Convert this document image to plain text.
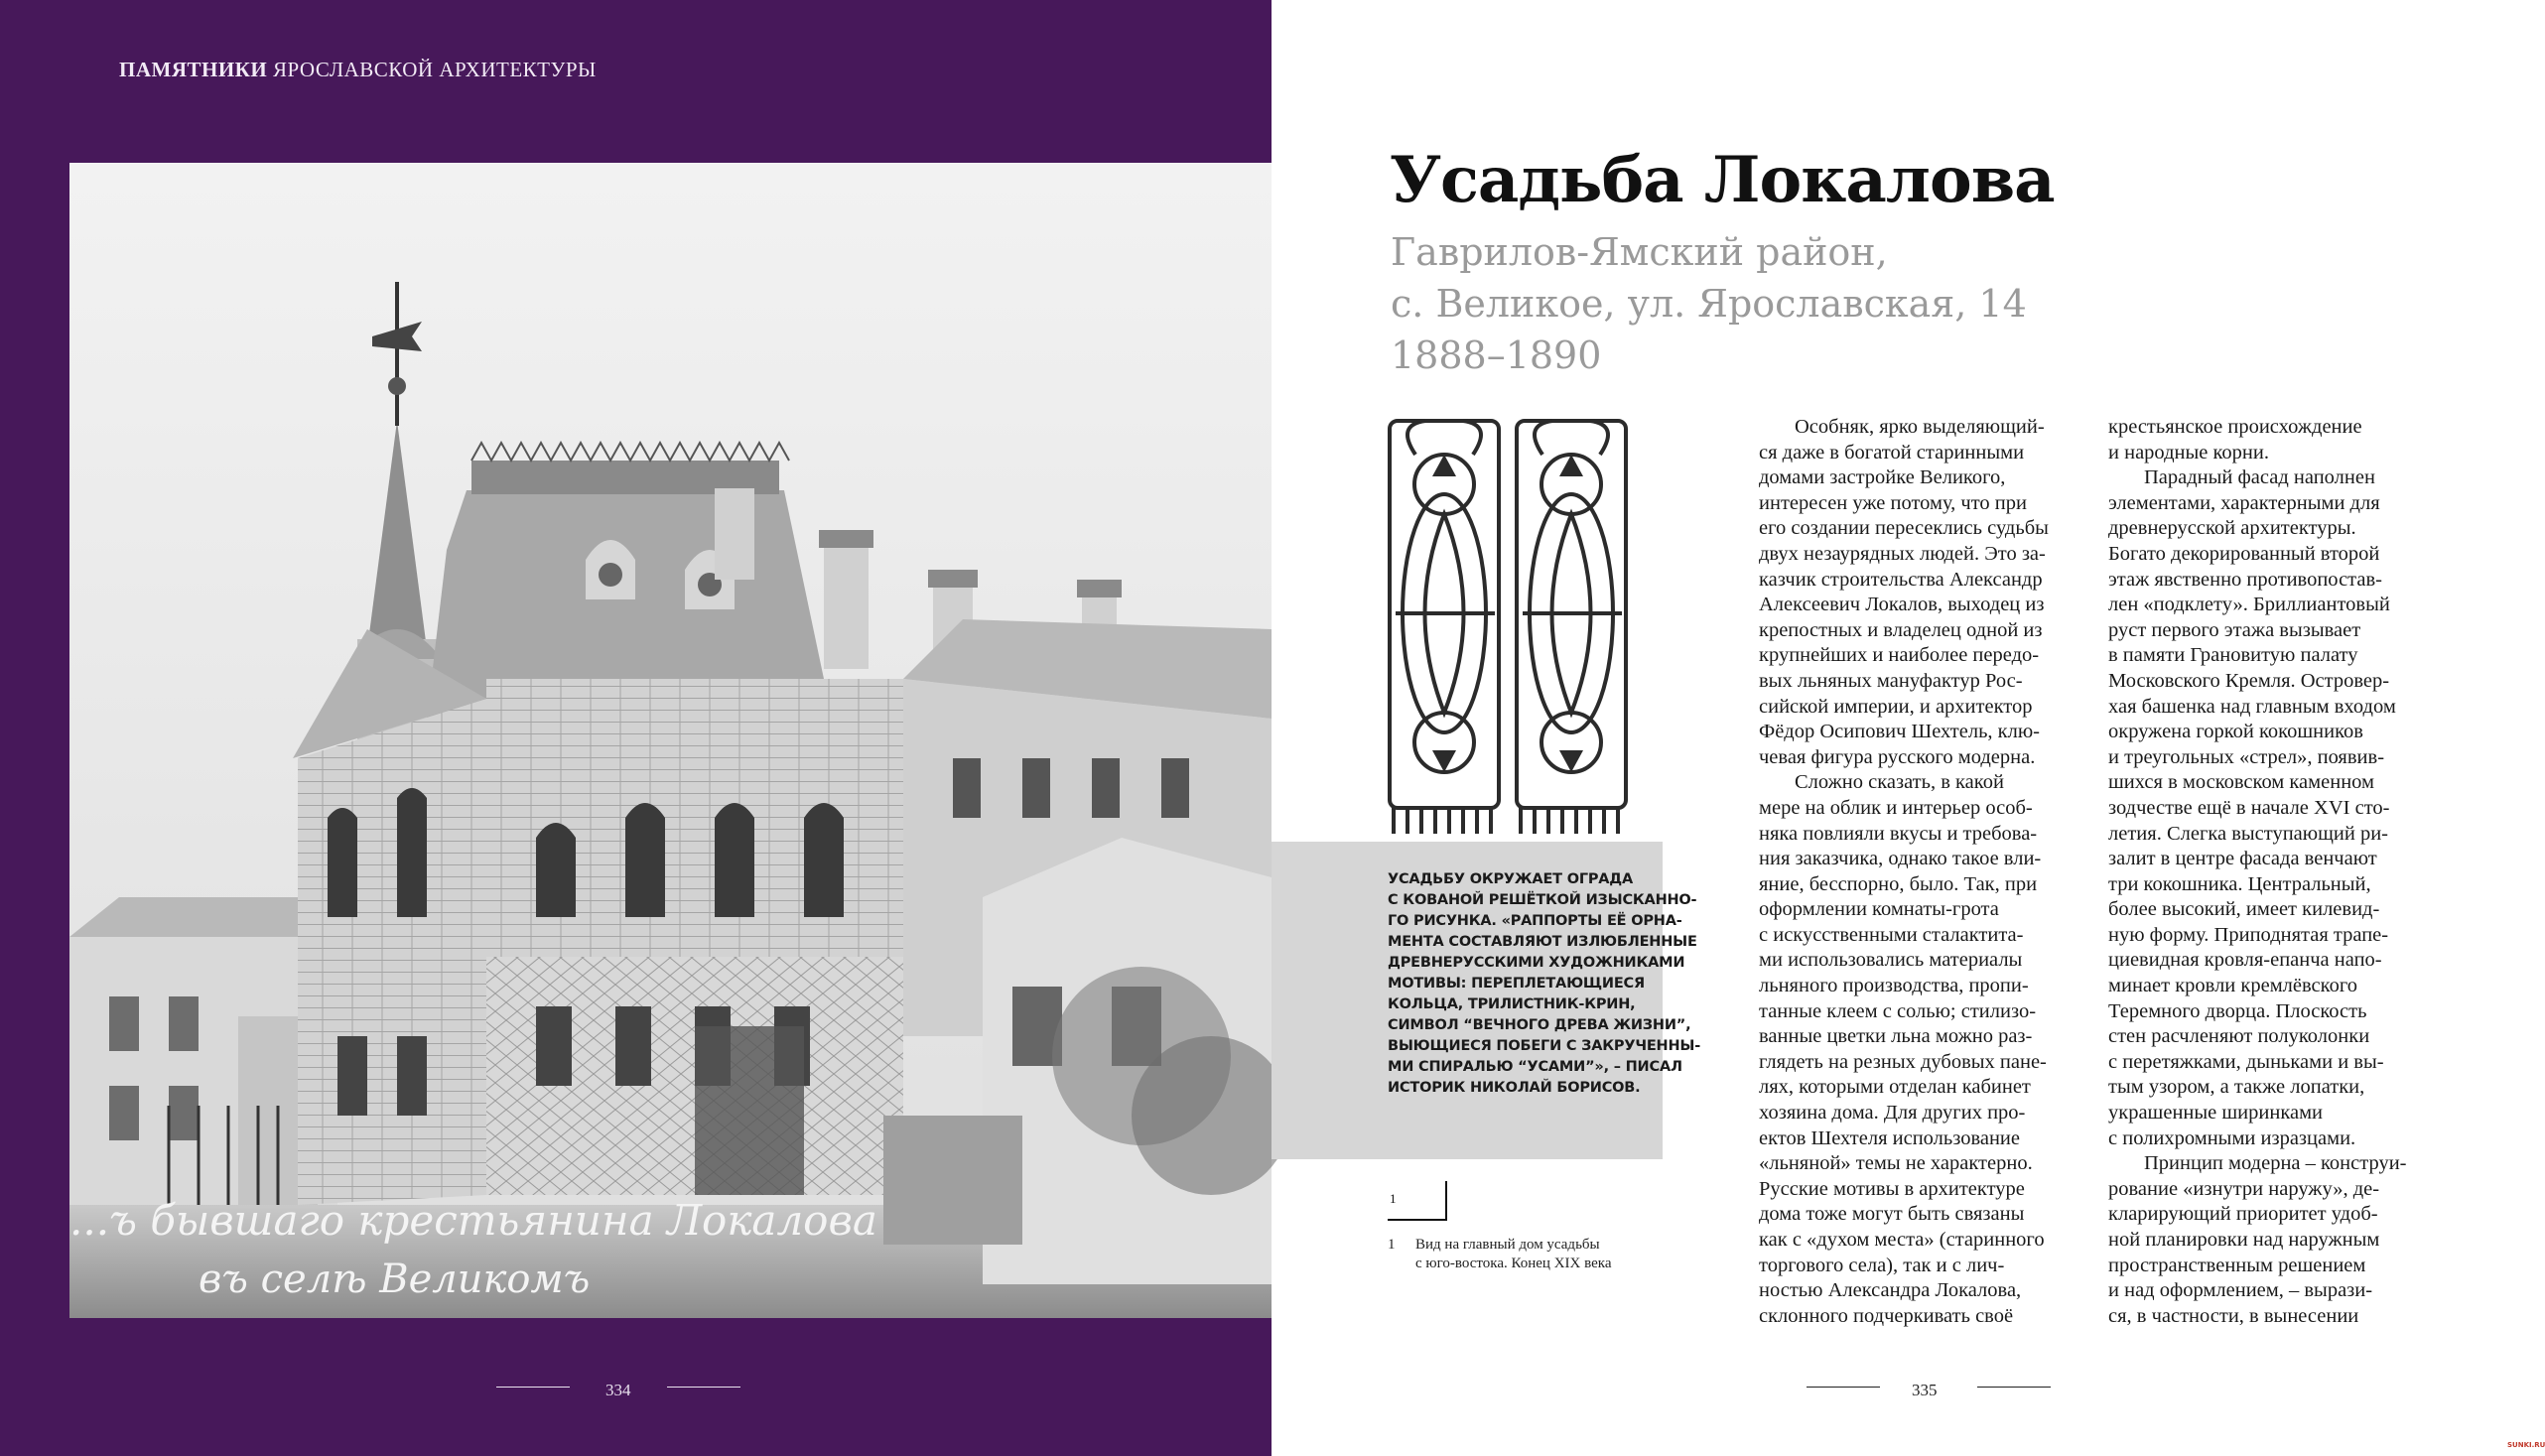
ПАМЯТНИКИ ЯРОСЛАВСКОЙ АРХИТЕКТУРЫ
...ъ бывшаго крестьянина Локалова
въ селѣ Великомъ
334
Усадьба Локалова
Гаврилов-Ямский район,
с. Великое, ул. Ярославская, 14
1888–1890
УСАДЬБУ ОКРУЖАЕТ ОГРАДА
С КОВАНОЙ РЕШЁТКОЙ ИЗЫСКАННО-
ГО РИСУНКА. «РАППОРТЫ ЕЁ ОРНА-
МЕНТА СОСТАВЛЯЮТ ИЗЛЮБЛЕННЫЕ
ДРЕВНЕРУССКИМИ ХУДОЖНИКАМИ
МОТИВЫ: ПЕРЕПЛЕТАЮЩИЕСЯ
КОЛЬЦА, ТРИЛИСТНИК-КРИН,
СИМВОЛ “ВЕЧНОГО ДРЕВА ЖИЗНИ”,
ВЫЮЩИЕСЯ ПОБЕГИ С ЗАКРУЧЕННЫ-
МИ СПИРАЛЬЮ “УСАМИ”», – ПИСАЛ
ИСТОРИК НИКОЛАЙ БОРИСОВ.
1
1 Вид на главный дом усадьбы
с юго-востока. Конец XIX века
Особняк, ярко выделяющий-
ся даже в богатой старинными
домами застройке Великого,
интересен уже потому, что при
его создании пересеклись судьбы
двух незаурядных людей. Это за-
казчик строительства Александр
Алексеевич Локалов, выходец из
крепостных и владелец одной из
крупнейших и наиболее передо-
вых льняных мануфактур Рос-
сийской империи, и архитектор
Фёдор Осипович Шехтель, клю-
чевая фигура русского модерна.
Сложно сказать, в какой
мере на облик и интерьер особ-
няка повлияли вкусы и требова-
ния заказчика, однако такое вли-
яние, бесспорно, было. Так, при
оформлении комнаты-грота
с искусственными сталактита-
ми использовались материалы
льняного производства, пропи-
танные клеем с солью; стилизо-
ванные цветки льна можно раз-
глядеть на резных дубовых пане-
лях, которыми отделан кабинет
хозяина дома. Для других про-
ектов Шехтеля использование
«льняной» темы не характерно.
Русские мотивы в архитектуре
дома тоже могут быть связаны
как с «духом места» (старинного
торгового села), так и с лич-
ностью Александра Локалова,
склонного подчеркивать своё
крестьянское происхождение
и народные корни.
Парадный фасад наполнен
элементами, характерными для
древнерусской архитектуры.
Богато декорированный второй
этаж явственно противопостав-
лен «подклету». Бриллиантовый
руст первого этажа вызывает
в памяти Грановитую палату
Московского Кремля. Островер-
хая башенка над главным входом
окружена горкой кокошников
и треугольных «стрел», появив-
шихся в московском каменном
зодчестве ещё в начале XVI сто-
летия. Слегка выступающий ри-
залит в центре фасада венчают
три кокошника. Центральный,
более высокий, имеет килевид-
ную форму. Приподнятая трапе-
циевидная кровля-епанча напо-
минает кровли кремлёвского
Теремного дворца. Плоскость
стен расчленяют полуколонки
с перетяжками, дыньками и вы-
тым узором, а также лопатки,
украшенные ширинками
с полихромными изразцами.
Принцип модерна – конструи-
рование «изнутри наружу», де-
кларирующий приоритет удоб-
ной планировки над наружным
пространственным решением
и над оформлением, – вырази-
ся, в частности, в вынесении
335
SUNKI.RU
